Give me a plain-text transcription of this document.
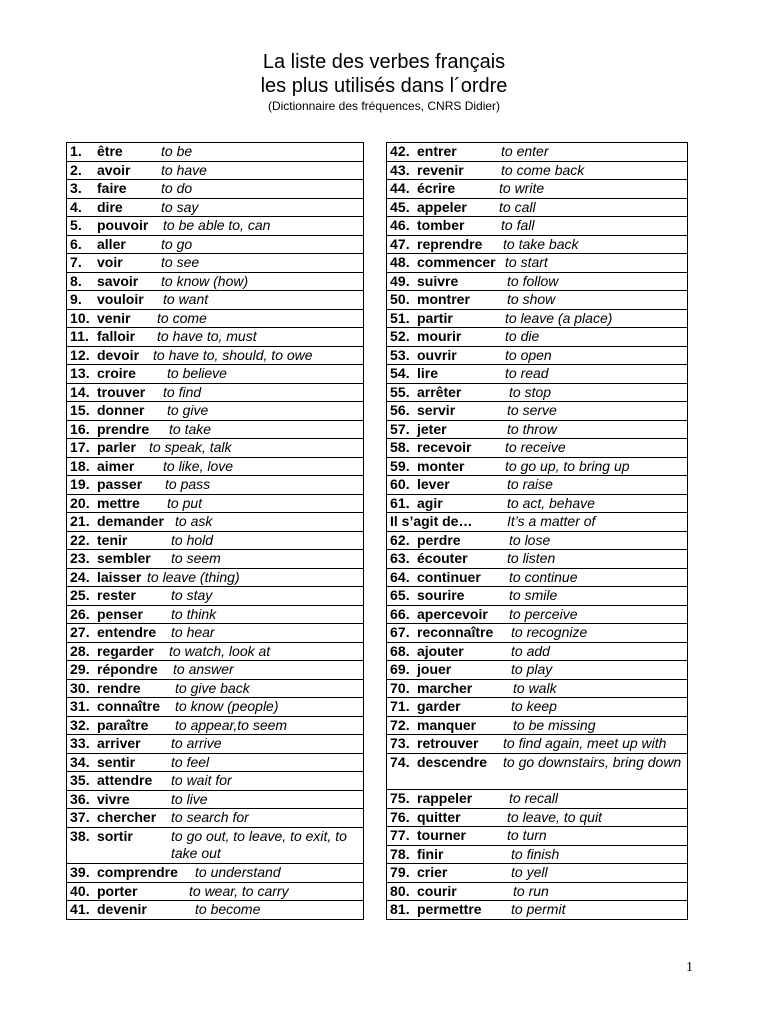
La liste des verbes français
les plus utilisés dans l´ordre
(Dictionnaire des fréquences, CNRS Didier)
1. être	to be
2. avoir to have
3. faire to do
4. dire	to say
5. pouvoir to be able to, can
6. aller	to go
7. voir	to see
8. savoir to know (how)
9. vouloir to want
10. venir to come
11. falloir to have to, must
12. devoir to have to, should, to owe
13. croire to believe
14. trouver to find
15. donner to give
16. prendre to take
17. parler to speak, talk
18. aimer to like, love
19. passer to pass
20. mettre to put
21. demander to ask
22. tenir	to hold
23. sembler to seem
24. laisser to leave (thing)
25. rester	to stay
26. penser to think
27. entendre to hear
28. regarder to watch, look at
29. répondre to answer
30. rendre to give back
31. connaître to know (people)
32. paraître to appear,to seem
33. arriver to arrive
34. sentir	to feel
35. attendre to wait for
36. vivre	to live
37. chercher to search for
38. sortir	to go out, to leave, to exit, to take out
39. comprendre to understand
40. porter	to wear, to carry
41. devenir	to become
42. entrer	to enter
43. revenir	to come back
44. écrire	to write
45. appeler to call
46. tomber	to fall
47. reprendre to take back
48. commencer to start
49. suivre	to follow
50. montrer	to show
51. partir	to leave (a place)
52. mourir	to die
53. ouvrir	to open
54. lire	to read
55. arrêter	to stop
56. servir	to serve
57. jeter	to throw
58. recevoir to receive
59. monter	to go up, to bring up
60. lever	to raise
61. agir	to act, behave
Il s’agit de… It’s a matter of
62. perdre	to lose
63. écouter	to listen
64. continuer to continue
65. sourire	to smile
66. apercevoir to perceive
67. reconnaître to recognize
68. ajouter	to add
69. jouer	to play
70. marcher	to walk
71. garder	to keep
72. manquer	to be missing
73. retrouver to find again, meet up with
74. descendre to go downstairs, bring down
75. rappeler	to recall
76. quitter	to leave, to quit
77. tourner	to turn
78. finir	to finish
79. crier	to yell
80. courir	to run
81. permettre to permit
1
